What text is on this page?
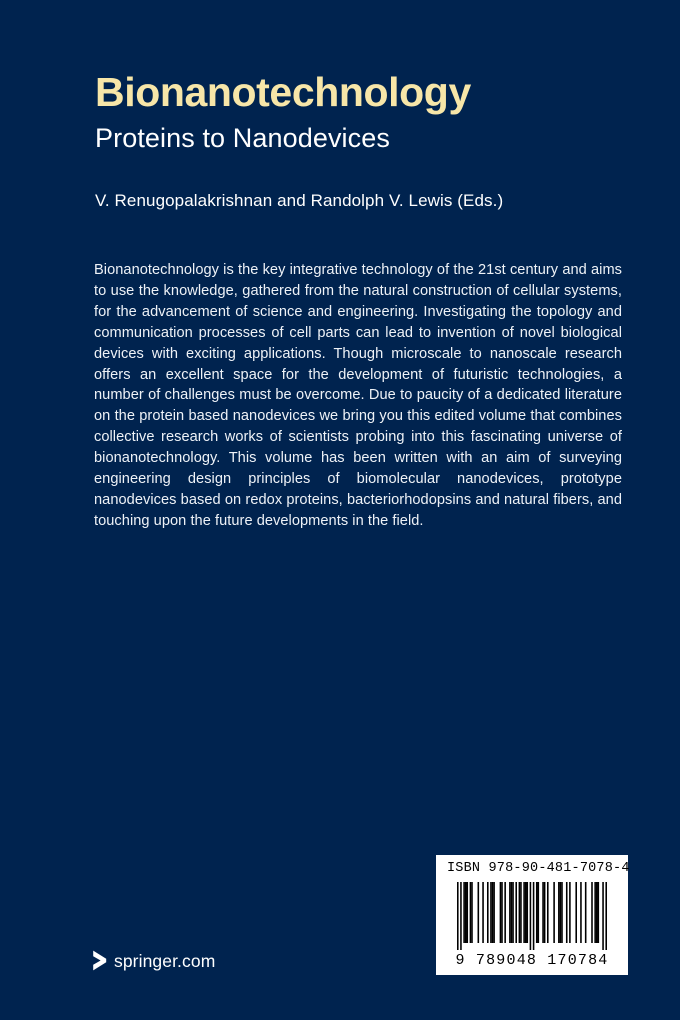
Bionanotechnology
Proteins to Nanodevices
V. Renugopalakrishnan and Randolph V. Lewis (Eds.)
Bionanotechnology is the key integrative technology of the 21st century and aims to use the knowledge, gathered from the natural construction of cellular systems, for the advancement of science and engineering. Investigating the topology and communication processes of cell parts can lead to invention of novel biological devices with exciting applications. Though microscale to nanoscale research offers an excellent space for the development of futuristic technologies, a number of challenges must be overcome. Due to paucity of a dedicated literature on the protein based nanodevices we bring you this edited volume that combines collective research works of scientists probing into this fascinating universe of bionanotechnology. This volume has been written with an aim of surveying engineering design principles of biomolecular nanodevices, prototype nanodevices based on redox proteins, bacteriorhodopsins and natural fibers, and touching upon the future developments in the field.
springer.com
ISBN 978-90-481-7078-4
9 789048 170784
